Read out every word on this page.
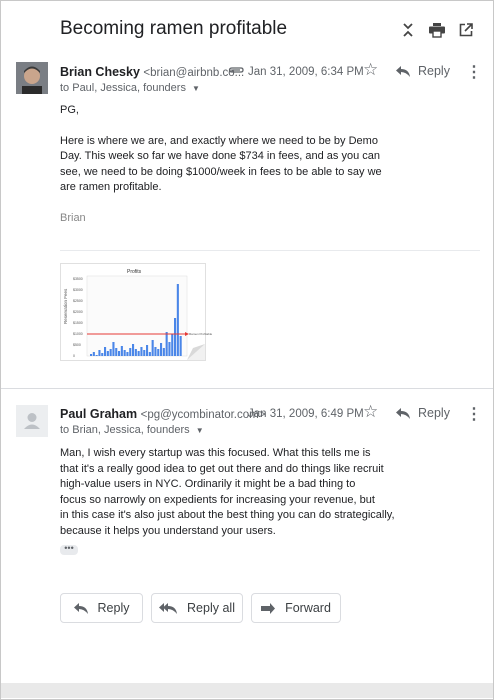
Becoming ramen profitable
Brian Chesky <brian@airbnb.co...
to Paul, Jessica, founders ▼
Jan 31, 2009, 6:34 PM ☆	Reply ⋮

PG,

Here is where we are, and exactly where we need to be by Demo Day. This week so far we have done $734 in fees, and as you can see, we need to be doing $1000/week in fees to be able to say we are ramen profitable.

Brian

Profits
Reservation Fees
$3500
$3000
$2500
$2000
$1500
$1000
$500
0
Ramen Profitable
Paul Graham <pg@ycombinator.com>
to Brian, Jessica, founders ▼
Jan 31, 2009, 6:49 PM ☆	Reply ⋮
Man, I wish every startup was this focused. What this tells me is
that it's a really good idea to get out there and do things like recruit
high-value users in NYC. Ordinarily it might be a bad thing to
focus so narrowly on expedients for increasing your revenue, but
in this case it's also just about the best thing you can do strategically,
because it helps you understand your users.
•••
Reply	Reply all	Forward
